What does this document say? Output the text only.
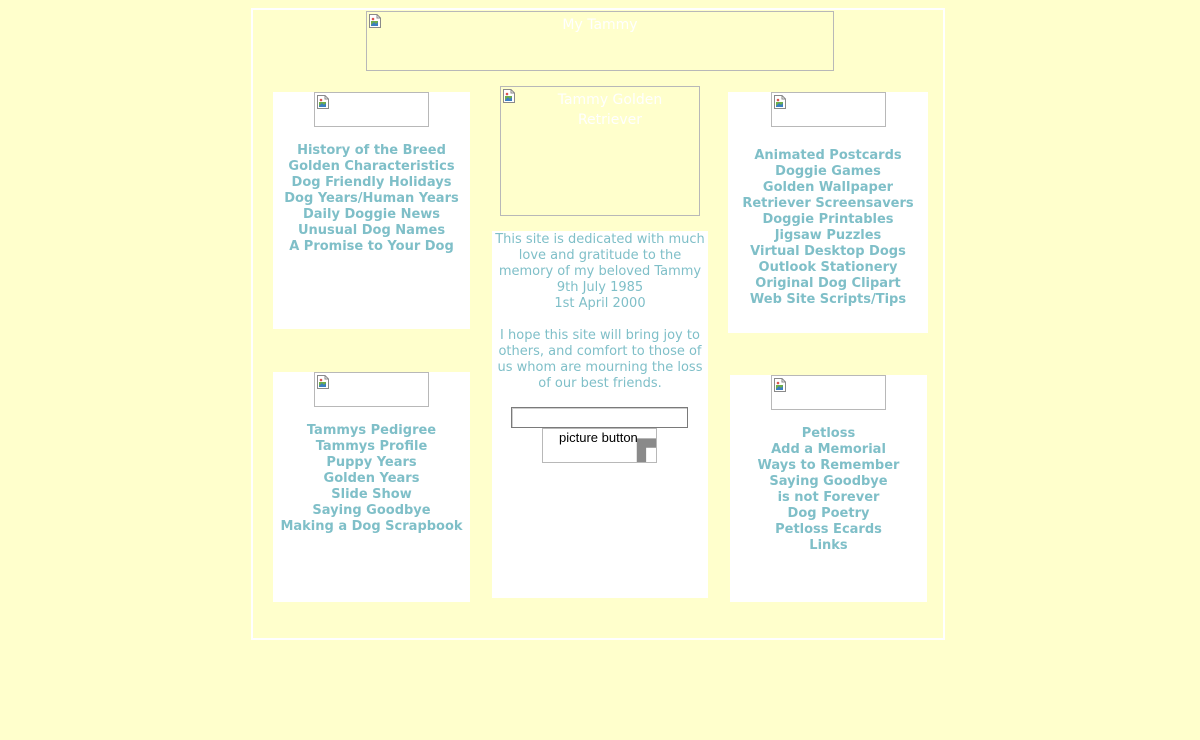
My Tammy
History of the Breed
Golden Characteristics
Dog Friendly Holidays
Dog Years/Human Years
Daily Doggie News
Unusual Dog Names
A Promise to Your Dog
Tammys Pedigree
Tammys Profile
Puppy Years
Golden Years
Slide Show
Saying Goodbye
Making a Dog Scrapbook
Tammy Golden Retriever

This site is dedicated with much

love and gratitude to the

memory of my beloved Tammy

9th July 1985

1st April 2000

I hope this site will bring joy to

others, and comfort to those of

us whom are mourning the loss

of our best friends.

picture button
Animated Postcards
Doggie Games
Golden Wallpaper
Retriever Screensavers
Doggie Printables
Jigsaw Puzzles
Virtual Desktop Dogs
Outlook Stationery
Original Dog Clipart
Web Site Scripts/Tips
Petloss
Add a Memorial
Ways to Remember
Saying Goodbye
is not Forever
Dog Poetry
Petloss Ecards
Links
